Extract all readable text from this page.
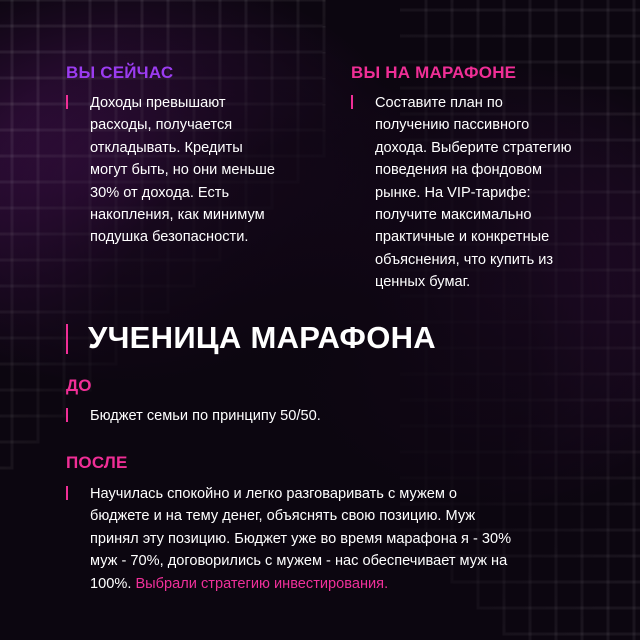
ВЫ СЕЙЧАС

Доходы превышают

расходы, получается

откладывать. Кредиты

могут быть, но они меньше

30% от дохода. Есть

накопления, как минимум

подушка безопасности.

ВЫ НА МАРАФОНЕ

Составите план по

получению пассивного

дохода. Выберите стратегию

поведения на фондовом

рынке. На VIP-тарифе:

получите максимально

практичные и конкретные

объяснения, что купить из

ценных бумаг.

УЧЕНИЦА МАРАФОНА
ДО

Бюджет семьи по принципу 50/50.

ПОСЛЕ

Научилась спокойно и легко разговаривать с мужем о

бюджете и на тему денег, объяснять свою позицию. Муж

принял эту позицию. Бюджет уже во время марафона я - 30%

муж - 70%, договорились с мужем - нас обеспечивает муж на

100%. Выбрали стратегию инвестирования.
